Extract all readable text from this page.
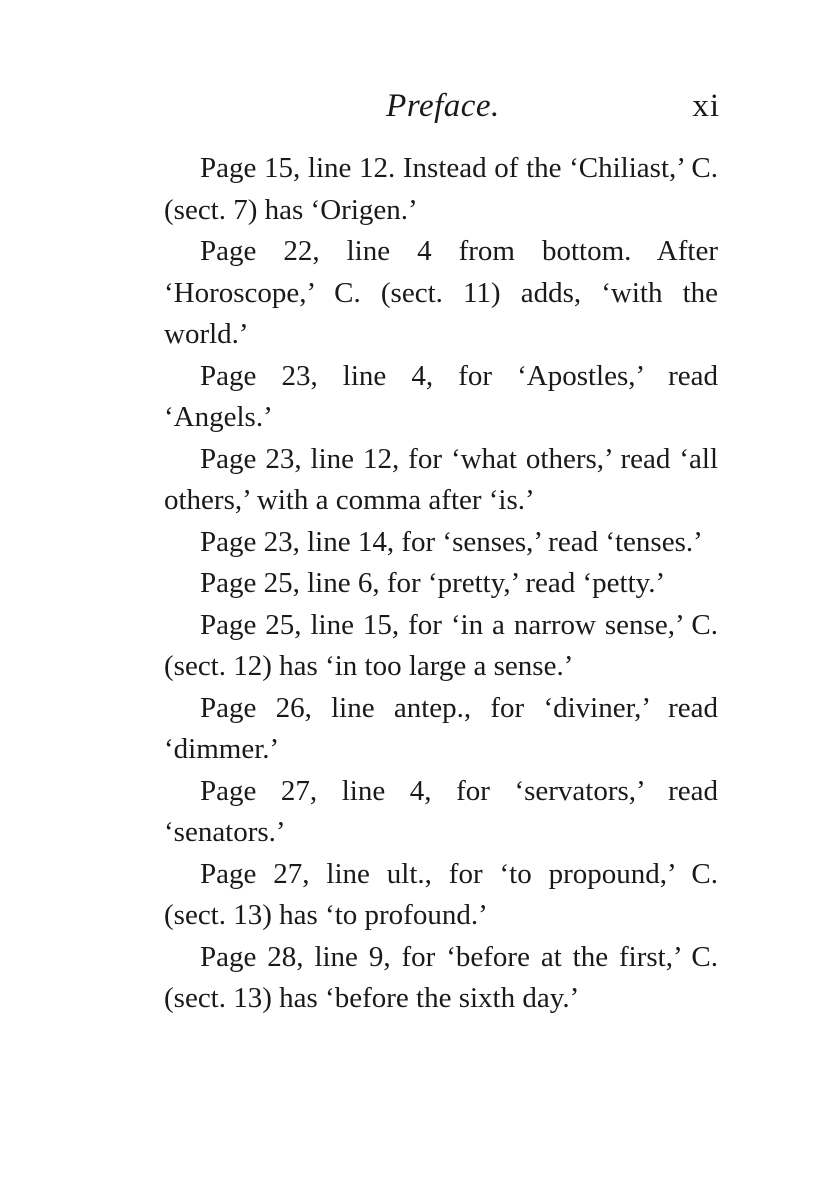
Preface.	xi

Page 15, line 12. Instead of the ‘Chiliast,’ C. (sect. 7) has ‘Origen.’

Page 22, line 4 from bottom. After ‘Horoscope,’ C. (sect. 11) adds, ‘with the world.’

Page 23, line 4, for ‘Apostles,’ read ‘Angels.’

Page 23, line 12, for ‘what others,’ read ‘all others,’ with a comma after ‘is.’

Page 23, line 14, for ‘senses,’ read ‘tenses.’

Page 25, line 6, for ‘pretty,’ read ‘petty.’

Page 25, line 15, for ‘in a narrow sense,’ C. (sect. 12) has ‘in too large a sense.’

Page 26, line antep., for ‘diviner,’ read ‘dimmer.’

Page 27, line 4, for ‘servators,’ read ‘senators.’

Page 27, line ult., for ‘to propound,’ C. (sect. 13) has ‘to profound.’

Page 28, line 9, for ‘before at the first,’ C. (sect. 13) has ‘before the sixth day.’
